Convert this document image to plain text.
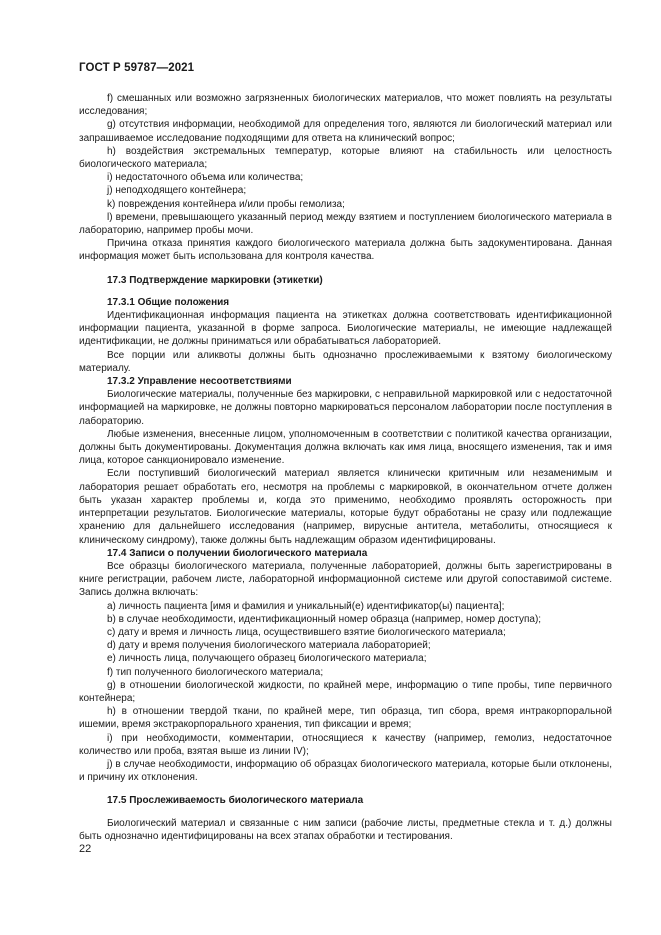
ГОСТ Р 59787—2021

f) смешанных или возможно загрязненных биологических материалов, что может повлиять на результаты исследования;

g) отсутствия информации, необходимой для определения того, являются ли биологический материал или запрашиваемое исследование подходящими для ответа на клинический вопрос;

h) воздействия экстремальных температур, которые влияют на стабильность или целостность биологического материала;

i) недостаточного объема или количества;

j) неподходящего контейнера;

k) повреждения контейнера и/или пробы гемолиза;

l) времени, превышающего указанный период между взятием и поступлением биологического материала в лабораторию, например пробы мочи.

Причина отказа принятия каждого биологического материала должна быть задокументирована. Данная информация может быть использована для контроля качества.

17.3 Подтверждение маркировки (этикетки)

17.3.1 Общие положения

Идентификационная информация пациента на этикетках должна соответствовать идентификационной информации пациента, указанной в форме запроса. Биологические материалы, не имеющие надлежащей идентификации, не должны приниматься или обрабатываться лабораторией.

Все порции или аликвоты должны быть однозначно прослеживаемыми к взятому биологическому материалу.

17.3.2 Управление несоответствиями

Биологические материалы, полученные без маркировки, с неправильной маркировкой или с недостаточной информацией на маркировке, не должны повторно маркироваться персоналом лаборатории после поступления в лабораторию.

Любые изменения, внесенные лицом, уполномоченным в соответствии с политикой качества организации, должны быть документированы. Документация должна включать как имя лица, вносящего изменения, так и имя лица, которое санкционировало изменение.

Если поступивший биологический материал является клинически критичным или незаменимым и лаборатория решает обработать его, несмотря на проблемы с маркировкой, в окончательном отчете должен быть указан характер проблемы и, когда это применимо, необходимо проявлять осторожность при интерпретации результатов. Биологические материалы, которые будут обработаны не сразу или подлежащие хранению для дальнейшего исследования (например, вирусные антитела, метаболиты, относящиеся к клиническому синдрому), также должны быть надлежащим образом идентифицированы.

17.4 Записи о получении биологического материала

Все образцы биологического материала, полученные лабораторией, должны быть зарегистрированы в книге регистрации, рабочем листе, лабораторной информационной системе или другой сопоставимой системе. Запись должна включать:

a) личность пациента [имя и фамилия и уникальный(е) идентификатор(ы) пациента];

b) в случае необходимости, идентификационный номер образца (например, номер доступа);

c) дату и время и личность лица, осуществившего взятие биологического материала;

d) дату и время получения биологического материала лабораторией;

e) личность лица, получающего образец биологического материала;

f) тип полученного биологического материала;

g) в отношении биологической жидкости, по крайней мере, информацию о типе пробы, типе первичного контейнера;

h) в отношении твердой ткани, по крайней мере, тип образца, тип сбора, время интракорпоральной ишемии, время экстракорпорального хранения, тип фиксации и время;

i) при необходимости, комментарии, относящиеся к качеству (например, гемолиз, недостаточное количество или проба, взятая выше из линии IV);

j) в случае необходимости, информацию об образцах биологического материала, которые были отклонены, и причину их отклонения.

17.5 Прослеживаемость биологического материала

Биологический материал и связанные с ним записи (рабочие листы, предметные стекла и т. д.) должны быть однозначно идентифицированы на всех этапах обработки и тестирования.

22
